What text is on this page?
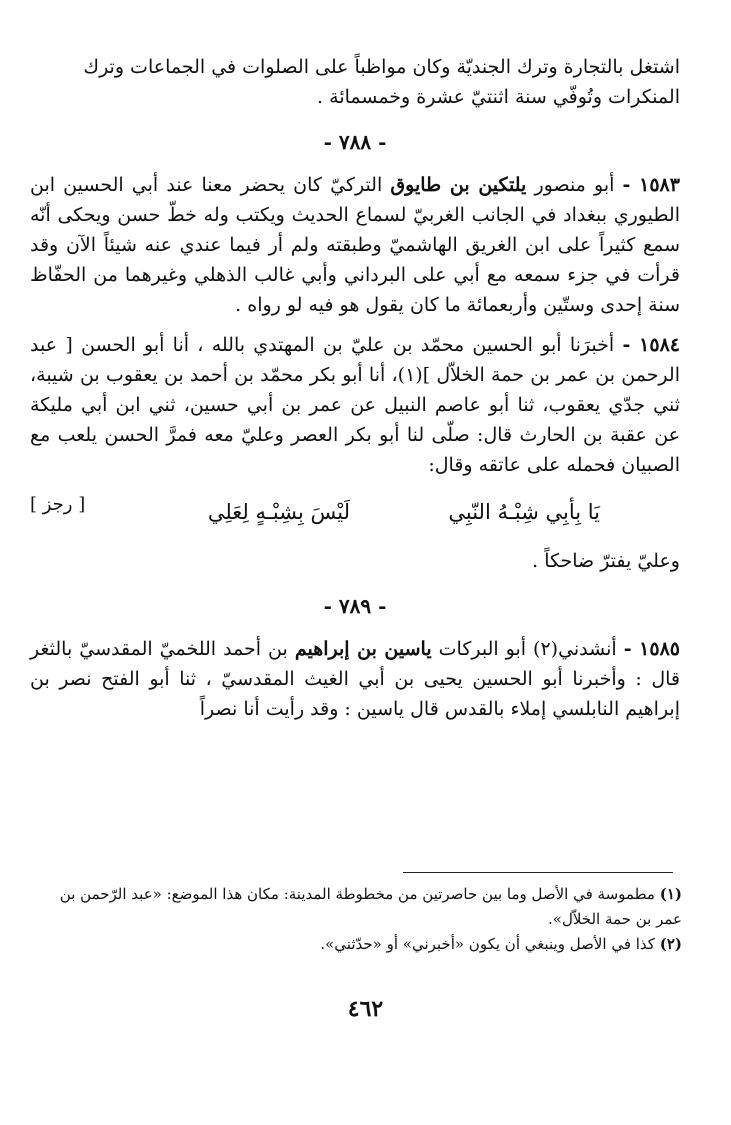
اشتغل بالتجارة وترك الجنديّة وكان مواظباً على الصلوات في الجماعات وترك
المنكرات وتُوفّي سنة اثنتيّ عشرة وخمسمائة .

- ٧٨٨ -

١٥٨٣ - أبو منصور يلتكين بن طايوق التركيّ كان يحضر معنا عند أبي الحسين ابن الطيوري ببغداد في الجانب الغربيّ لسماع الحديث ويكتب وله خطّ حسن ويحكى أنّه سمع كثيراً على ابن الغريق الهاشميّ وطبقته ولم أر فيما عندي عنه شيئاً الآن وقد قرأت في جزء سمعه مع أبي على البرداني وأبي غالب الذهلي وغيرهما من الحفّاظ سنة إحدى وستّين وأربعمائة ما كان يقول هو فيه لو رواه .

١٥٨٤ - أخبرَنا أبو الحسين محمّد بن عليّ بن المهتدي بالله ، أنا أبو الحسن [ عبد الرحمن بن عمر بن حمة الخلاّل ](١)، أنا أبو بكر محمّد بن أحمد بن يعقوب بن شيبة، ثني جدّي يعقوب، ثنا أبو عاصم النبيل عن عمر بن أبي حسين، ثني ابن أبي مليكة عن عقبة بن الحارث قال: صلّى لنا أبو بكر العصر وعليّ معه فمرَّ الحسن يلعب مع الصبيان فحمله على عاتقه وقال:

[ رجز ]	يَا بِأبِي شِبْـهُ النّبِي
لَيْسَ بِشِبْـهٍ لِعَلِي

وعليّ يفترّ ضاحكاً .

- ٧٨٩ -

١٥٨٥ - أنشدني(٢) أبو البركات ياسين بن إبراهيم بن أحمد اللخميّ المقدسيّ بالثغر قال : وأخبرنا أبو الحسين يحيى بن أبي الغيث المقدسيّ ، ثنا أبو الفتح نصر بن إبراهيم النابلسي إملاء بالقدس قال ياسين : وقد رأيت أنا نصراً

(١) مطموسة في الأصل وما بين حاصرتين من مخطوطة المدينة: مكان هذا الموضع: «عبد الرّحمن بن عمر بن حمة الخلاّل».

(٢) كذا في الأصل وينبغي أن يكون «أخبرني» أو «حدّثني».

٤٦٢
